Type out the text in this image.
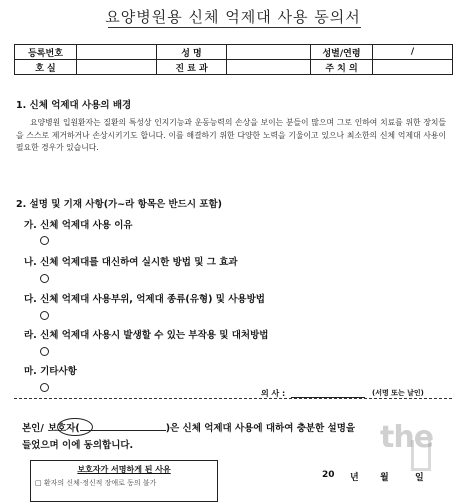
요양병원용 신체 억제대 사용 동의서
등록번호		성 명		성별/연령	/
호 실		진 료 과		주 치 의	
1. 신체 억제대 사용의 배경
요양병원 입원환자는 질환의 특성상 인지기능과 운동능력의 손상을 보이는 분들이 많으며 그로 인하여 치료를 위한 장치들을 스스로 제거하거나 손상시키기도 합니다. 이를 해결하기 위한 다양한 노력을 기울이고 있으나 최소한의 신체 억제대 사용이 필요한 경우가 있습니다.
2. 설명 및 기재 사항(가~라 항목은 반드시 포함)
가. 신체 억제대 사용 이유
나. 신체 억제대를 대신하여 실시한 방법 및 그 효과
다. 신체 억제대 사용부위, 억제대 종류(유형) 및 사용방법
라. 신체 억제대 사용시 발생할 수 있는 부작용 및 대처방법
마. 기타사항
의 사 :	(서명 또는 날인)
본인/ 보호자(	)은 신체 억제대 사용에 대하여 충분한 설명을
들었으며 이에 동의합니다.
보호자가 서명하게 된 사유
□ 환자의 신체·정신적 장애로 동의 불가
20 년 월	일
the
